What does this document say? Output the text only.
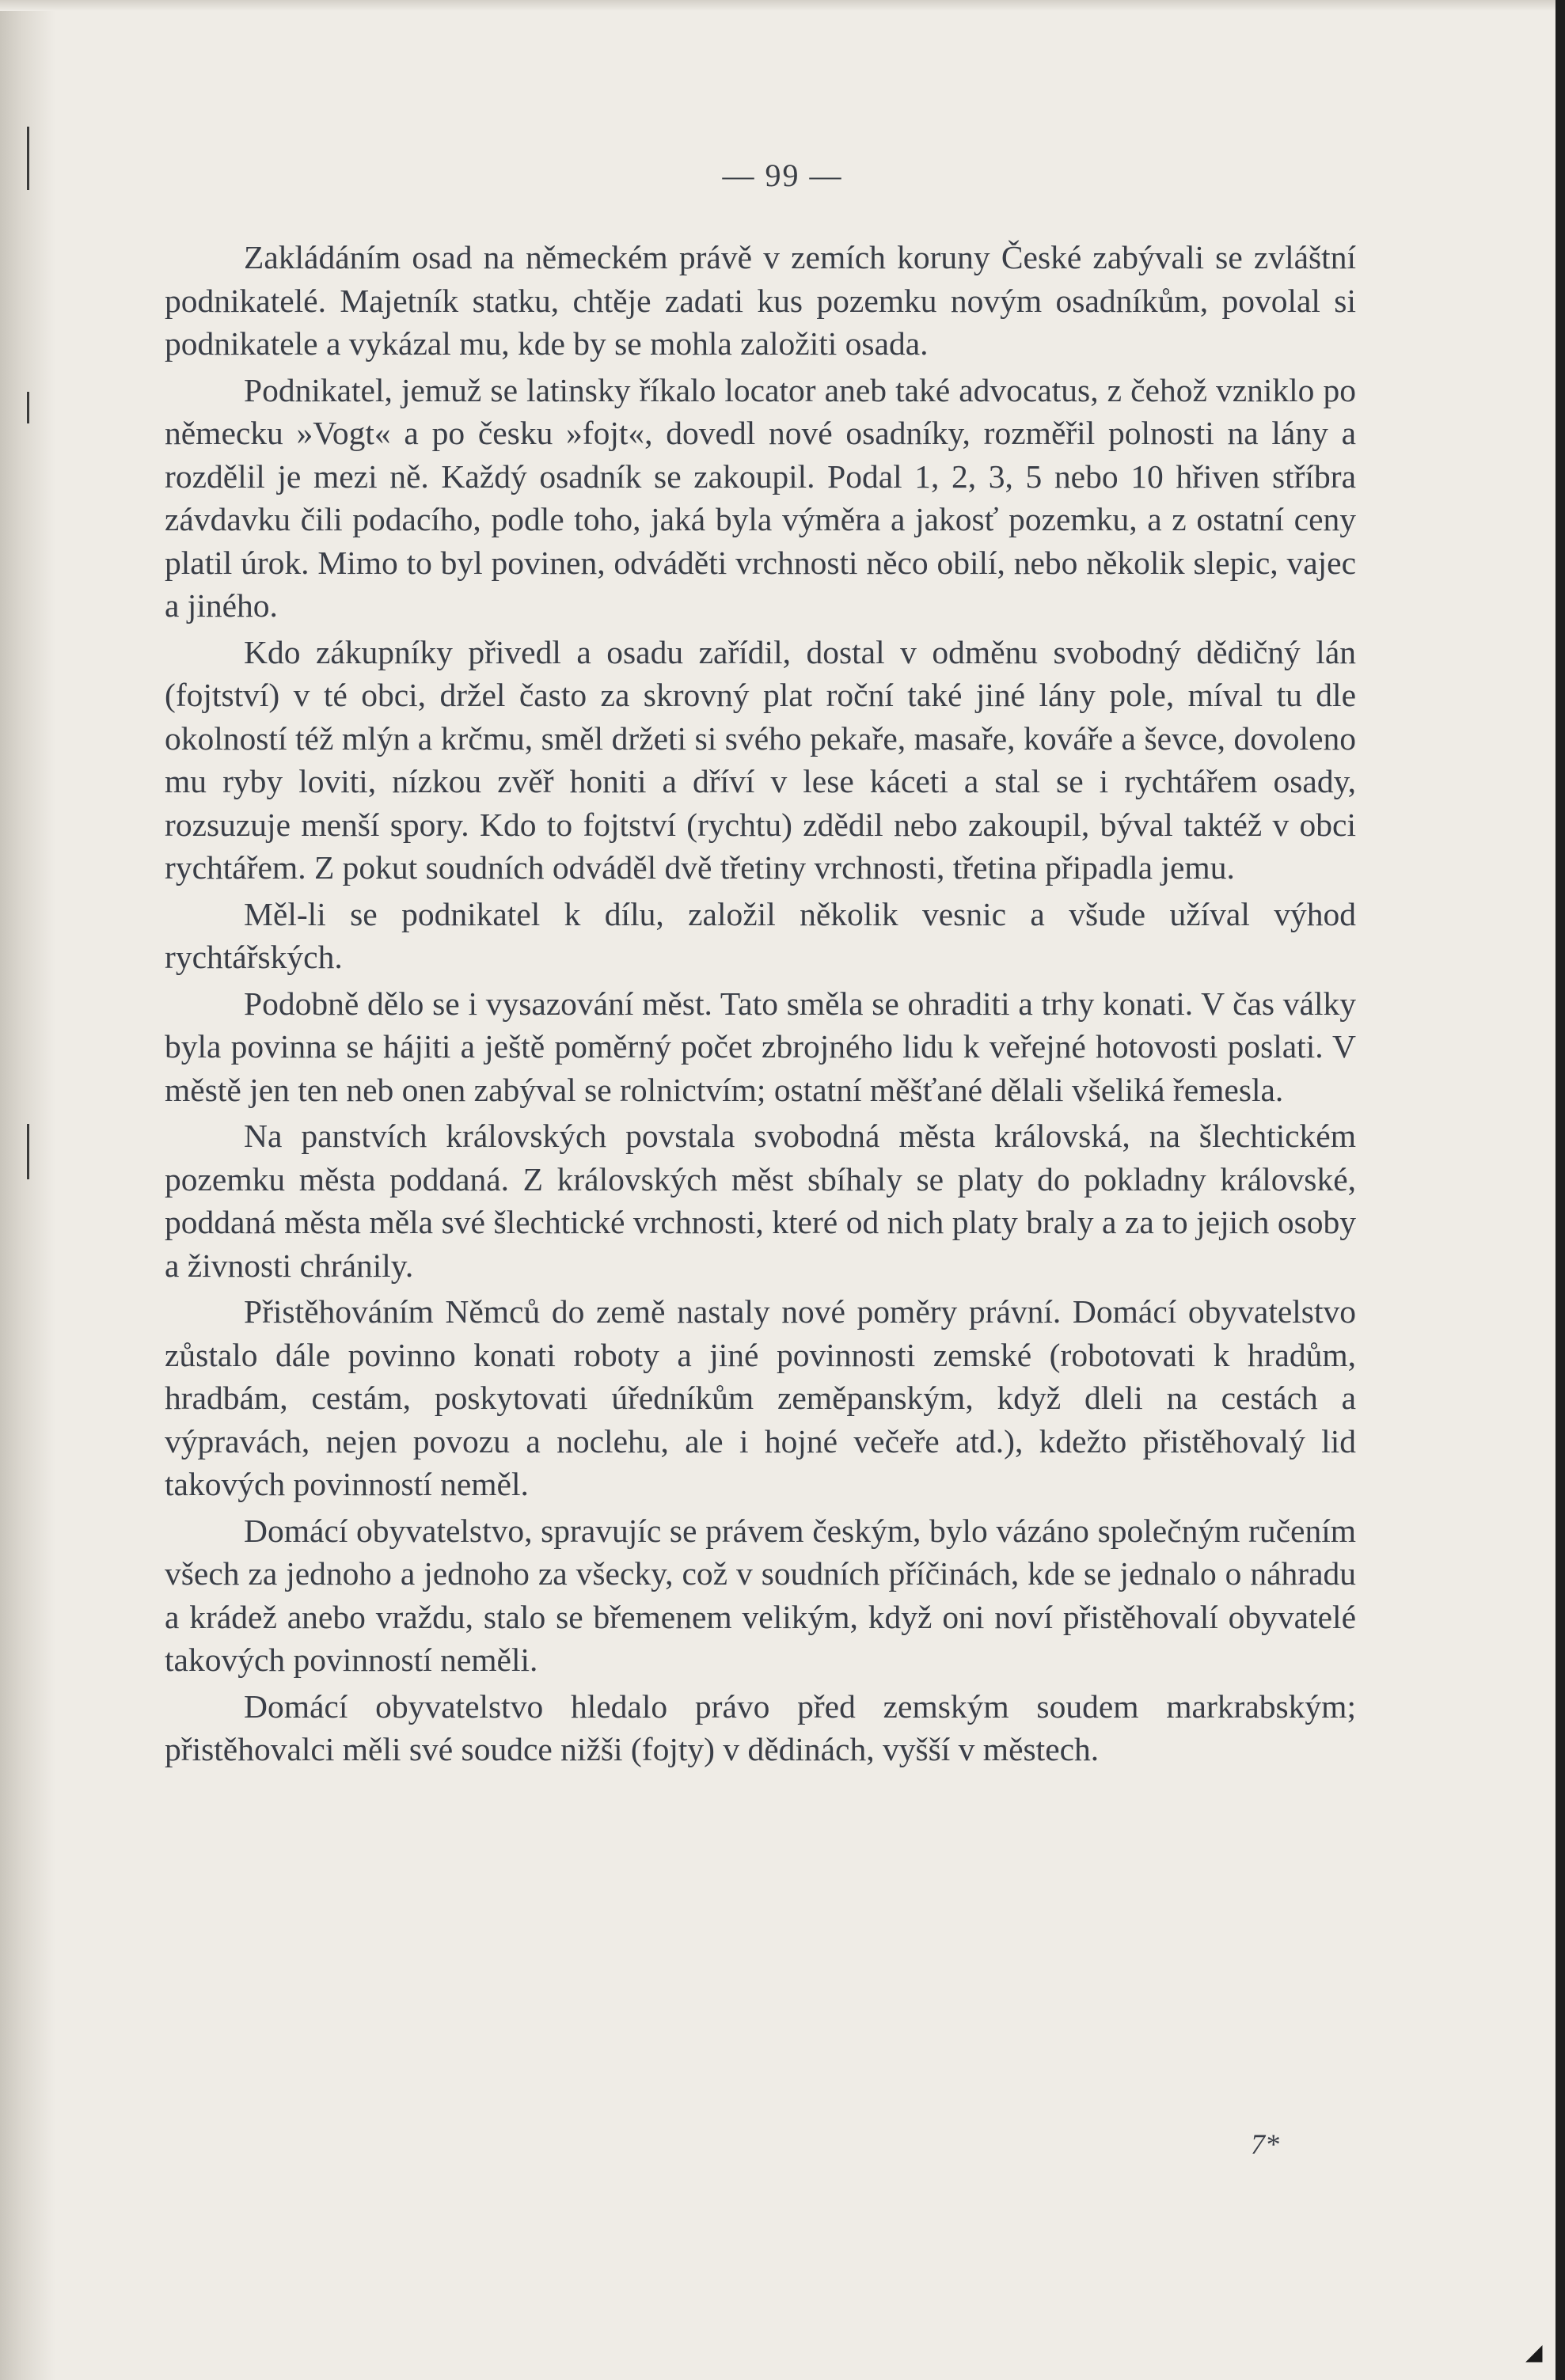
— 99 —

Zakládáním osad na německém právě v zemích koruny České zabývali se zvláštní podnikatelé. Majetník statku, chtěje zadati kus pozemku novým osadníkům, povolal si podnikatele a vykázal mu, kde by se mohla založiti osada.

Podnikatel, jemuž se latinsky říkalo locator aneb také advocatus, z čehož vzniklo po německu »Vogt« a po česku »fojt«, dovedl nové osadníky, rozměřil polnosti na lány a rozdělil je mezi ně. Každý osadník se zakoupil. Podal 1, 2, 3, 5 nebo 10 hřiven stříbra závdavku čili podacího, podle toho, jaká byla výměra a jakosť pozemku, a z ostatní ceny platil úrok. Mimo to byl povinen, odváděti vrchnosti něco obilí, nebo několik slepic, vajec a jiného.

Kdo zákupníky přivedl a osadu zařídil, dostal v odměnu svobodný dědičný lán (fojtství) v té obci, držel často za skrovný plat roční také jiné lány pole, míval tu dle okolností též mlýn a krčmu, směl držeti si svého pekaře, masaře, kováře a ševce, dovoleno mu ryby loviti, nízkou zvěř honiti a dříví v lese káceti a stal se i rychtářem osady, rozsuzuje menší spory. Kdo to fojtství (rychtu) zdědil nebo zakoupil, býval taktéž v obci rychtářem. Z pokut soudních odváděl dvě třetiny vrchnosti, třetina připadla jemu.

Měl-li se podnikatel k dílu, založil několik vesnic a všude užíval výhod rychtářských.

Podobně dělo se i vysazování měst. Tato směla se ohraditi a trhy konati. V čas války byla povinna se hájiti a ještě poměrný počet zbrojného lidu k veřejné hotovosti poslati. V městě jen ten neb onen zabýval se rolnictvím; ostatní měšťané dělali všeliká řemesla.

Na panstvích královských povstala svobodná města královská, na šlechtickém pozemku města poddaná. Z královských měst sbíhaly se platy do pokladny královské, poddaná města měla své šlechtické vrchnosti, které od nich platy braly a za to jejich osoby a živnosti chránily.

Přistěhováním Němců do země nastaly nové poměry právní. Domácí obyvatelstvo zůstalo dále povinno konati roboty a jiné povinnosti zemské (robotovati k hradům, hradbám, cestám, poskytovati úředníkům zeměpanským, když dleli na cestách a výpravách, nejen povozu a noclehu, ale i hojné večeře atd.), kdežto přistěhovalý lid takových povinností neměl.

Domácí obyvatelstvo, spravujíc se právem českým, bylo vázáno společným ručením všech za jednoho a jednoho za všecky, což v soudních příčinách, kde se jednalo o náhradu a krádež anebo vraždu, stalo se břemenem velikým, když oni noví přistěhovalí obyvatelé takových povinností neměli.

Domácí obyvatelstvo hledalo právo před zemským soudem markrabským; přistěhovalci měli své soudce nižši (fojty) v dědinách, vyšší v městech.

7*
◢
